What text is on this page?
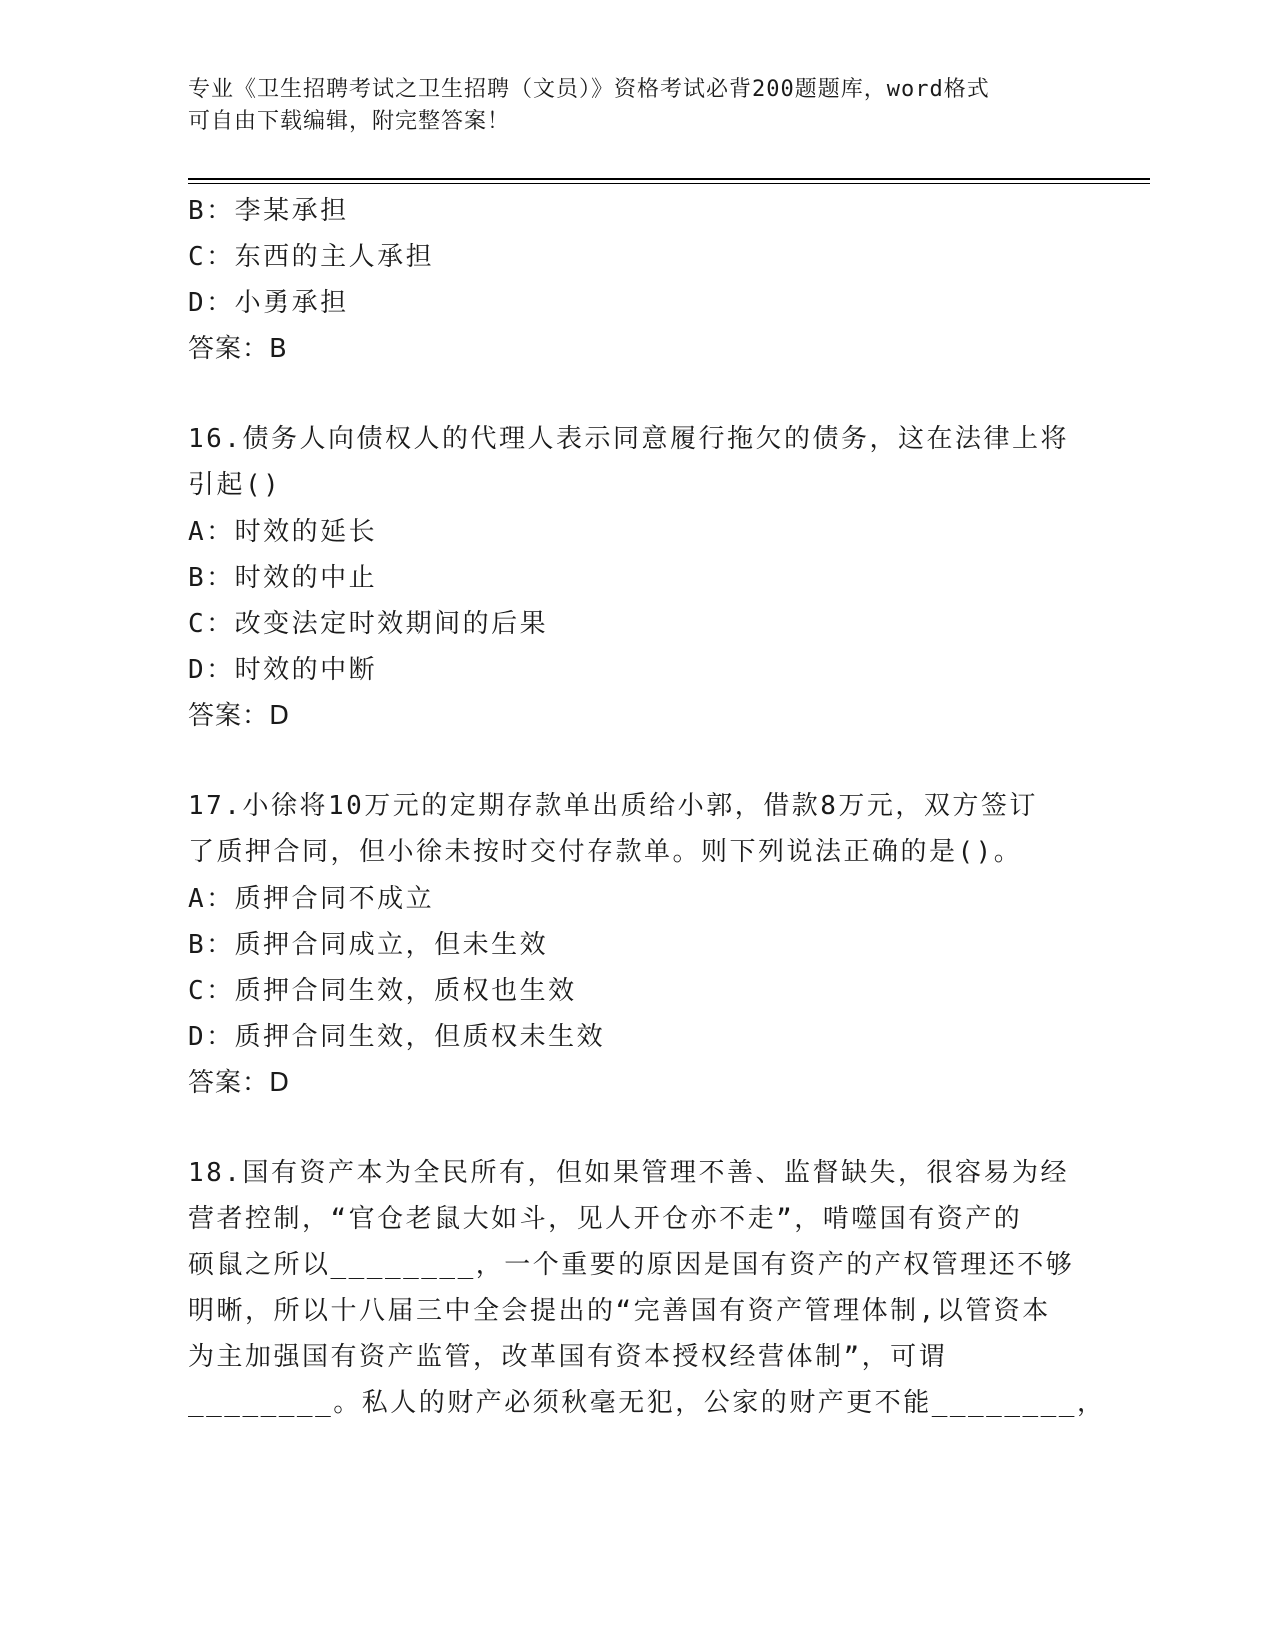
专业《卫生招聘考试之卫生招聘（文员）》资格考试必背200题题库，word格式
可自由下载编辑，附完整答案！
B：李某承担
C：东西的主人承担
D：小勇承担
答案：B
16.债务人向债权人的代理人表示同意履行拖欠的债务，这在法律上将
引起()
A：时效的延长
B：时效的中止
C：改变法定时效期间的后果
D：时效的中断
答案：D
17.小徐将10万元的定期存款单出质给小郭，借款8万元，双方签订
了质押合同，但小徐未按时交付存款单。则下列说法正确的是()。
A：质押合同不成立
B：质押合同成立，但未生效
C：质押合同生效，质权也生效
D：质押合同生效，但质权未生效
答案：D
18.国有资产本为全民所有，但如果管理不善、监督缺失，很容易为经
营者控制，“官仓老鼠大如斗，见人开仓亦不走”，啃噬国有资产的
硕鼠之所以________，一个重要的原因是国有资产的产权管理还不够
明晰，所以十八届三中全会提出的“完善国有资产管理体制,以管资本
为主加强国有资产监管，改革国有资本授权经营体制”，可谓
________。私人的财产必须秋毫无犯，公家的财产更不能________，
